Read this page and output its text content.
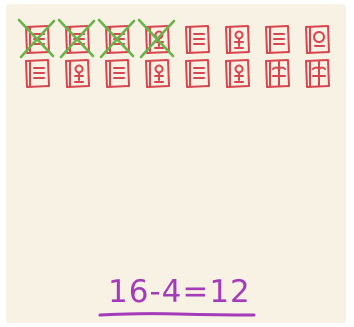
16-4=12
